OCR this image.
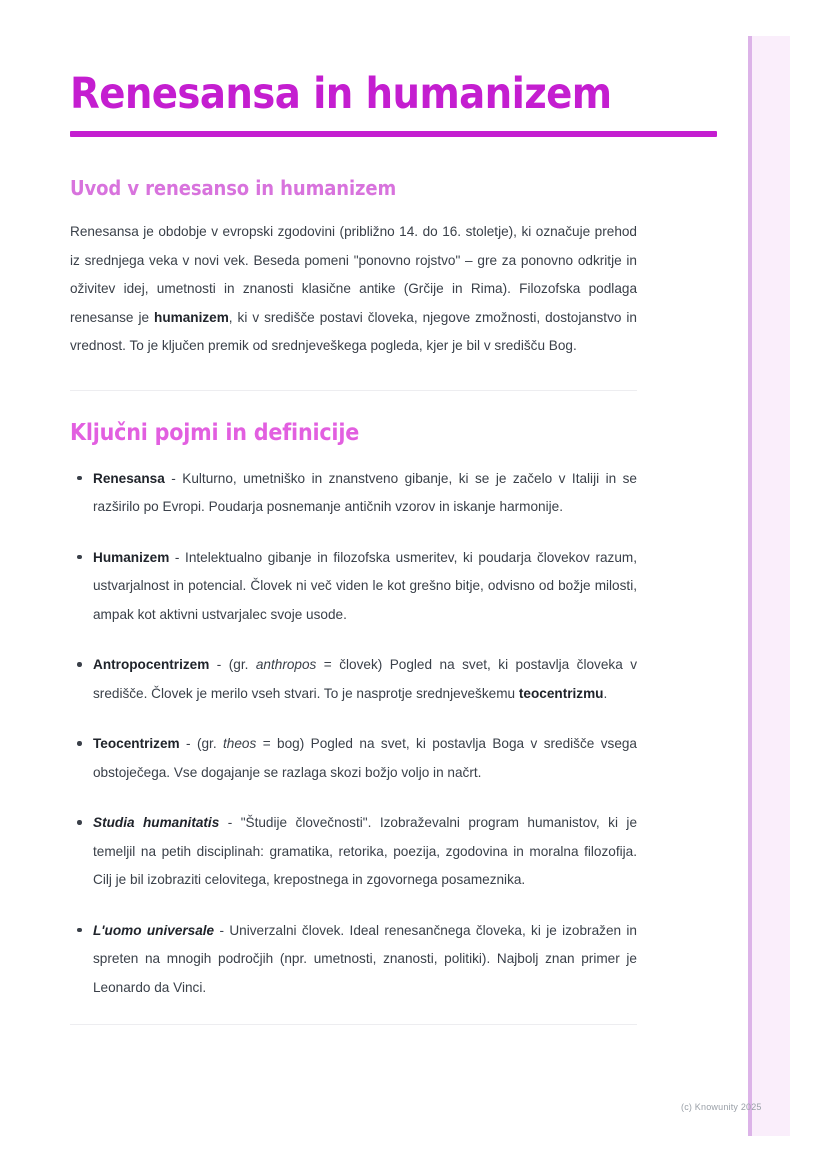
Renesansa in humanizem
Uvod v renesanso in humanizem

Renesansa je obdobje v evropski zgodovini (približno 14. do 16. stoletje), ki označuje prehod iz srednjega veka v novi vek. Beseda pomeni "ponovno rojstvo" – gre za ponovno odkritje in oživitev idej, umetnosti in znanosti klasične antike (Grčije in Rima). Filozofska podlaga renesanse je humanizem, ki v središče postavi človeka, njegove zmožnosti, dostojanstvo in vrednost. To je ključen premik od srednjeveškega pogleda, kjer je bil v središču Bog.

Ključni pojmi in definicije
Renesansa - Kulturno, umetniško in znanstveno gibanje, ki se je začelo v Italiji in se razširilo po Evropi. Poudarja posnemanje antičnih vzorov in iskanje harmonije.
Humanizem - Intelektualno gibanje in filozofska usmeritev, ki poudarja človekov razum, ustvarjalnost in potencial. Človek ni več viden le kot grešno bitje, odvisno od božje milosti, ampak kot aktivni ustvarjalec svoje usode.
Antropocentrizem - (gr. anthropos = človek) Pogled na svet, ki postavlja človeka v središče. Človek je merilo vseh stvari. To je nasprotje srednjeveškemu teocentrizmu.
Teocentrizem - (gr. theos = bog) Pogled na svet, ki postavlja Boga v središče vsega obstoječega. Vse dogajanje se razlaga skozi božjo voljo in načrt.
Studia humanitatis - "Študije človečnosti". Izobraževalni program humanistov, ki je temeljil na petih disciplinah: gramatika, retorika, poezija, zgodovina in moralna filozofija. Cilj je bil izobraziti celovitega, krepostnega in zgovornega posameznika.
L'uomo universale - Univerzalni človek. Ideal renesančnega človeka, ki je izobražen in spreten na mnogih področjih (npr. umetnosti, znanosti, politiki). Najbolj znan primer je Leonardo da Vinci.
(c) Knowunity 2025
